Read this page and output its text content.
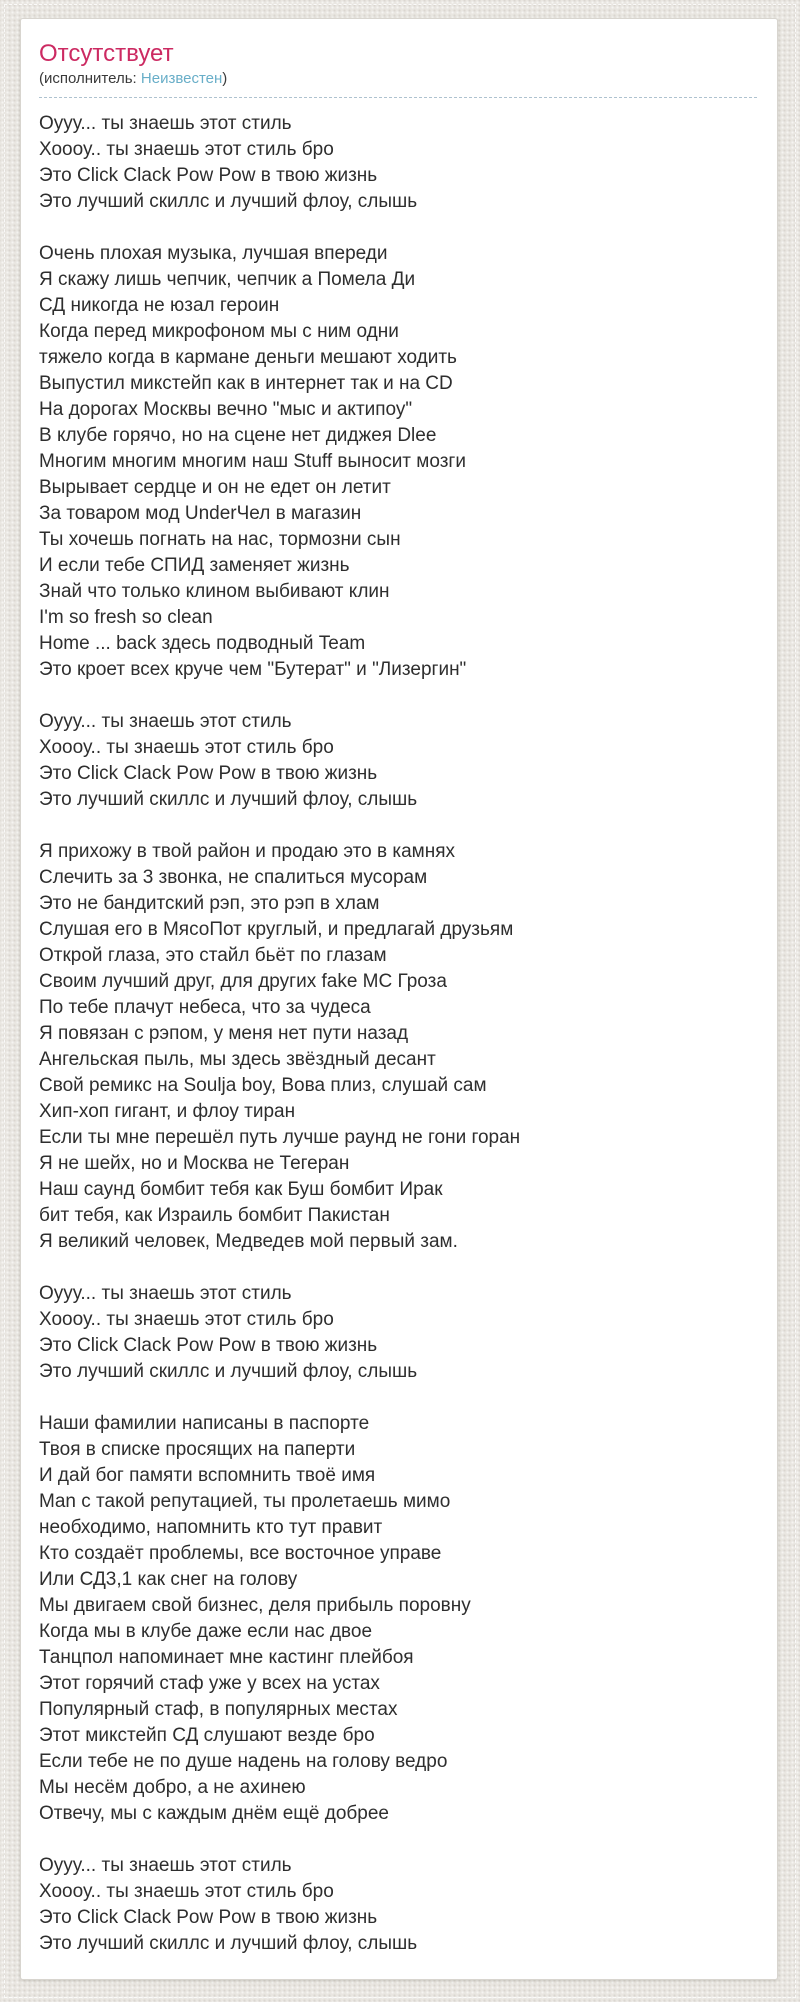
Отсутствует
(исполнитель: Неизвестен)
Оууу... ты знаешь этот стиль
Хоооу.. ты знаешь этот стиль бро
Это Click Clack Pow Pow в твою жизнь
Это лучший скиллс и лучший флоу, слышь
Очень плохая музыка, лучшая впереди
Я скажу лишь чепчик, чепчик а Помела Ди
СД никогда не юзал героин
Когда перед микрофоном мы с ним одни
тяжело когда в кармане деньги мешают ходить
Выпустил микстейп как в интернет так и на CD
На дорогах Москвы вечно "мыс и актипоу"
В клубе горячо, но на сцене нет диджея Dlee
Многим многим многим наш Stuff выносит мозги
Вырывает сердце и он не едет он летит
За товаром мод UnderЧел в магазин
Ты хочешь погнать на нас, тормозни сын
И если тебе СПИД заменяет жизнь
Знай что только клином выбивают клин
I'm so fresh so clean
Home ... back здесь подводный Team
Это кроет всех круче чем "Бутерат" и "Лизергин"
Оууу... ты знаешь этот стиль
Хоооу.. ты знаешь этот стиль бро
Это Click Clack Pow Pow в твою жизнь
Это лучший скиллс и лучший флоу, слышь
Я прихожу в твой район и продаю это в камнях
Слечить за 3 звонка, не спалиться мусорам
Это не бандитский рэп, это рэп в хлам
Слушая его в МясоПот круглый, и предлагай друзьям
Открой глаза, это стайл бьёт по глазам
Своим лучший друг, для других fake MC Гроза
По тебе плачут небеса, что за чудеса
Я повязан с рэпом, у меня нет пути назад
Ангельская пыль, мы здесь звёздный десант
Свой ремикс на Soulja boy, Вова плиз, слушай сам
Хип-хоп гигант, и флоу тиран
Если ты мне перешёл путь лучше раунд не гони горан
Я не шейх, но и Москва не Тегеран
Наш саунд бомбит тебя как Буш бомбит Ирак
бит тебя, как Израиль бомбит Пакистан
Я великий человек, Медведев мой первый зам.
Оууу... ты знаешь этот стиль
Хоооу.. ты знаешь этот стиль бро
Это Click Clack Pow Pow в твою жизнь
Это лучший скиллс и лучший флоу, слышь
Наши фамилии написаны в паспорте
Твоя в списке просящих на паперти
И дай бог памяти вспомнить твоё имя
Man с такой репутацией, ты пролетаешь мимо
необходимо, напомнить кто тут правит
Кто создаёт проблемы, все восточное управе
Или СД3,1 как снег на голову
Мы двигаем свой бизнес, деля прибыль поровну
Когда мы в клубе даже если нас двое
Танцпол напоминает мне кастинг плейбоя
Этот горячий стаф уже у всех на устах
Популярный стаф, в популярных местах
Этот микстейп СД слушают везде бро
Если тебе не по душе надень на голову ведро
Мы несём добро, а не ахинею
Отвечу, мы с каждым днём ещё добрее
Оууу... ты знаешь этот стиль
Хоооу.. ты знаешь этот стиль бро
Это Click Clack Pow Pow в твою жизнь
Это лучший скиллс и лучший флоу, слышь
